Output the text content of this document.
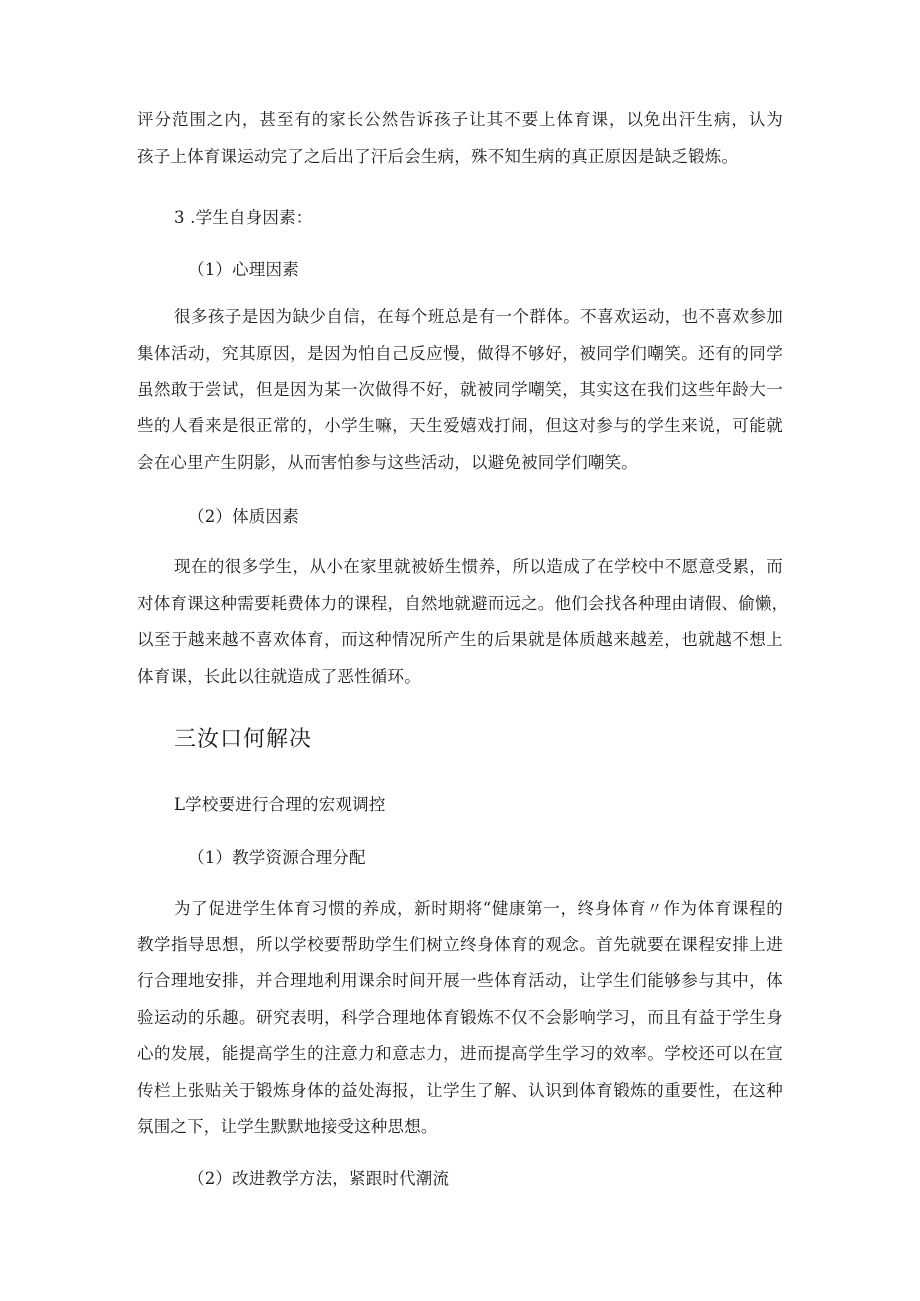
评分范围之内，甚至有的家长公然告诉孩子让其不要上体育课，以免出汗生病，认为
孩子上体育课运动完了之后出了汗后会生病，殊不知生病的真正原因是缺乏锻炼。
3 .学生自身因素：
（1）心理因素
很多孩子是因为缺少自信，在每个班总是有一个群体。不喜欢运动，也不喜欢参加
集体活动，究其原因，是因为怕自己反应慢，做得不够好，被同学们嘲笑。还有的同学
虽然敢于尝试，但是因为某一次做得不好，就被同学嘲笑，其实这在我们这些年龄大一
些的人看来是很正常的，小学生嘛，天生爱嬉戏打闹，但这对参与的学生来说，可能就
会在心里产生阴影，从而害怕参与这些活动，以避免被同学们嘲笑。
（2）体质因素
现在的很多学生，从小在家里就被娇生惯养，所以造成了在学校中不愿意受累，而
对体育课这种需要耗费体力的课程，自然地就避而远之。他们会找各种理由请假、偷懒，
以至于越来越不喜欢体育，而这种情况所产生的后果就是体质越来越差，也就越不想上
体育课，长此以往就造成了恶性循环。
三汝口何解决
L学校要进行合理的宏观调控
（1）教学资源合理分配
为了促进学生体育习惯的养成，新时期将“健康第一，终身体育〃作为体育课程的
教学指导思想，所以学校要帮助学生们树立终身体育的观念。首先就要在课程安排上进
行合理地安排，并合理地利用课余时间开展一些体育活动，让学生们能够参与其中，体
验运动的乐趣。研究表明，科学合理地体育锻炼不仅不会影响学习，而且有益于学生身
心的发展，能提高学生的注意力和意志力，进而提高学生学习的效率。学校还可以在宣
传栏上张贴关于锻炼身体的益处海报，让学生了解、认识到体育锻炼的重要性，在这种
氛围之下，让学生默默地接受这种思想。
（2）改进教学方法，紧跟时代潮流
